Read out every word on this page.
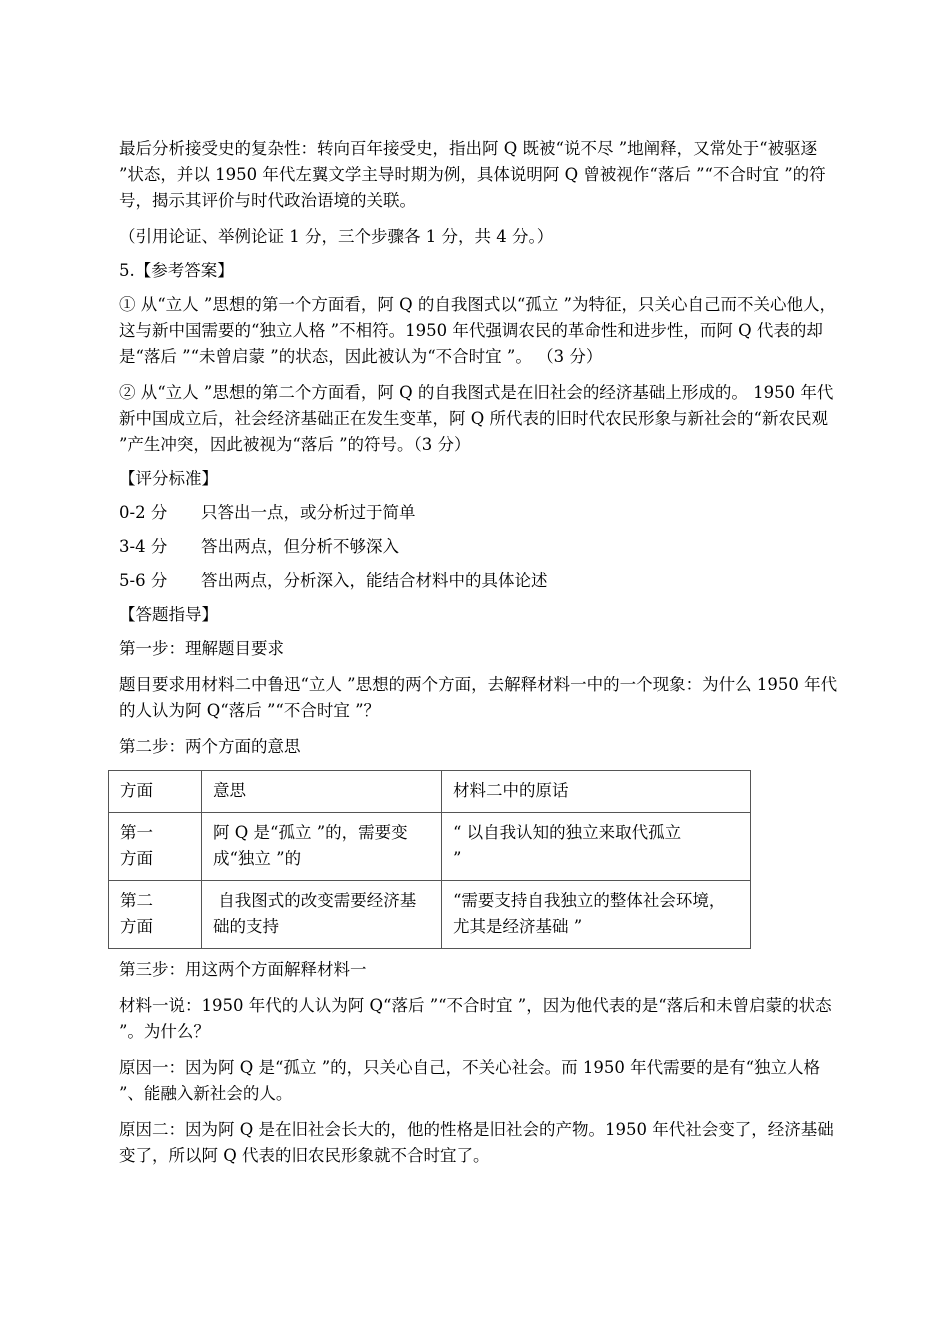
最后分析接受史的复杂性：转向百年接受史，指出阿 Q 既被“说不尽 ”地阐释，又常处于“被驱逐 ”状态，并以 1950 年代左翼文学主导时期为例，具体说明阿 Q 曾被视作“落后 ”“不合时宜 ”的符号，揭示其评价与时代政治语境的关联。

（引用论证、举例论证 1 分，三个步骤各 1 分，共 4 分。）

5.【参考答案】

① 从“立人 ”思想的第一个方面看，阿 Q 的自我图式以“孤立 ”为特征，只关心自己而不关心他人，这与新中国需要的“独立人格 ”不相符。1950 年代强调农民的革命性和进步性，而阿 Q 代表的却是“落后 ”“未曾启蒙 ”的状态，因此被认为“不合时宜 ”。 （3 分）

② 从“立人 ”思想的第二个方面看，阿 Q 的自我图式是在旧社会的经济基础上形成的。 1950 年代新中国成立后，社会经济基础正在发生变革，阿 Q 所代表的旧时代农民形象与新社会的“新农民观 ”产生冲突，因此被视为“落后 ”的符号。（3 分）

【评分标准】

0-2 分	只答出一点，或分析过于简单
3-4 分	答出两点，但分析不够深入
5-6 分	答出两点，分析深入，能结合材料中的具体论述

【答题指导】

第一步：理解题目要求

题目要求用材料二中鲁迅“立人 ”思想的两个方面，去解释材料一中的一个现象：为什么 1950 年代的人认为阿 Q“落后 ”“不合时宜 ”？

第二步：两个方面的意思

方面	意思	材料二中的原话
第一
方面	阿 Q 是“孤立 ”的，需要变成“独立 ”的	“ 以自我认知的独立来取代孤立
”
第二
方面	自我图式的改变需要经济基础的支持	“需要支持自我独立的整体社会环境，尤其是经济基础 ”

第三步：用这两个方面解释材料一

材料一说：1950 年代的人认为阿 Q“落后 ”“不合时宜 ”，因为他代表的是“落后和未曾启蒙的状态 ”。为什么？

原因一：因为阿 Q 是“孤立 ”的，只关心自己，不关心社会。而 1950 年代需要的是有“独立人格 ”、能融入新社会的人。

原因二：因为阿 Q 是在旧社会长大的，他的性格是旧社会的产物。1950 年代社会变了，经济基础变了，所以阿 Q 代表的旧农民形象就不合时宜了。
